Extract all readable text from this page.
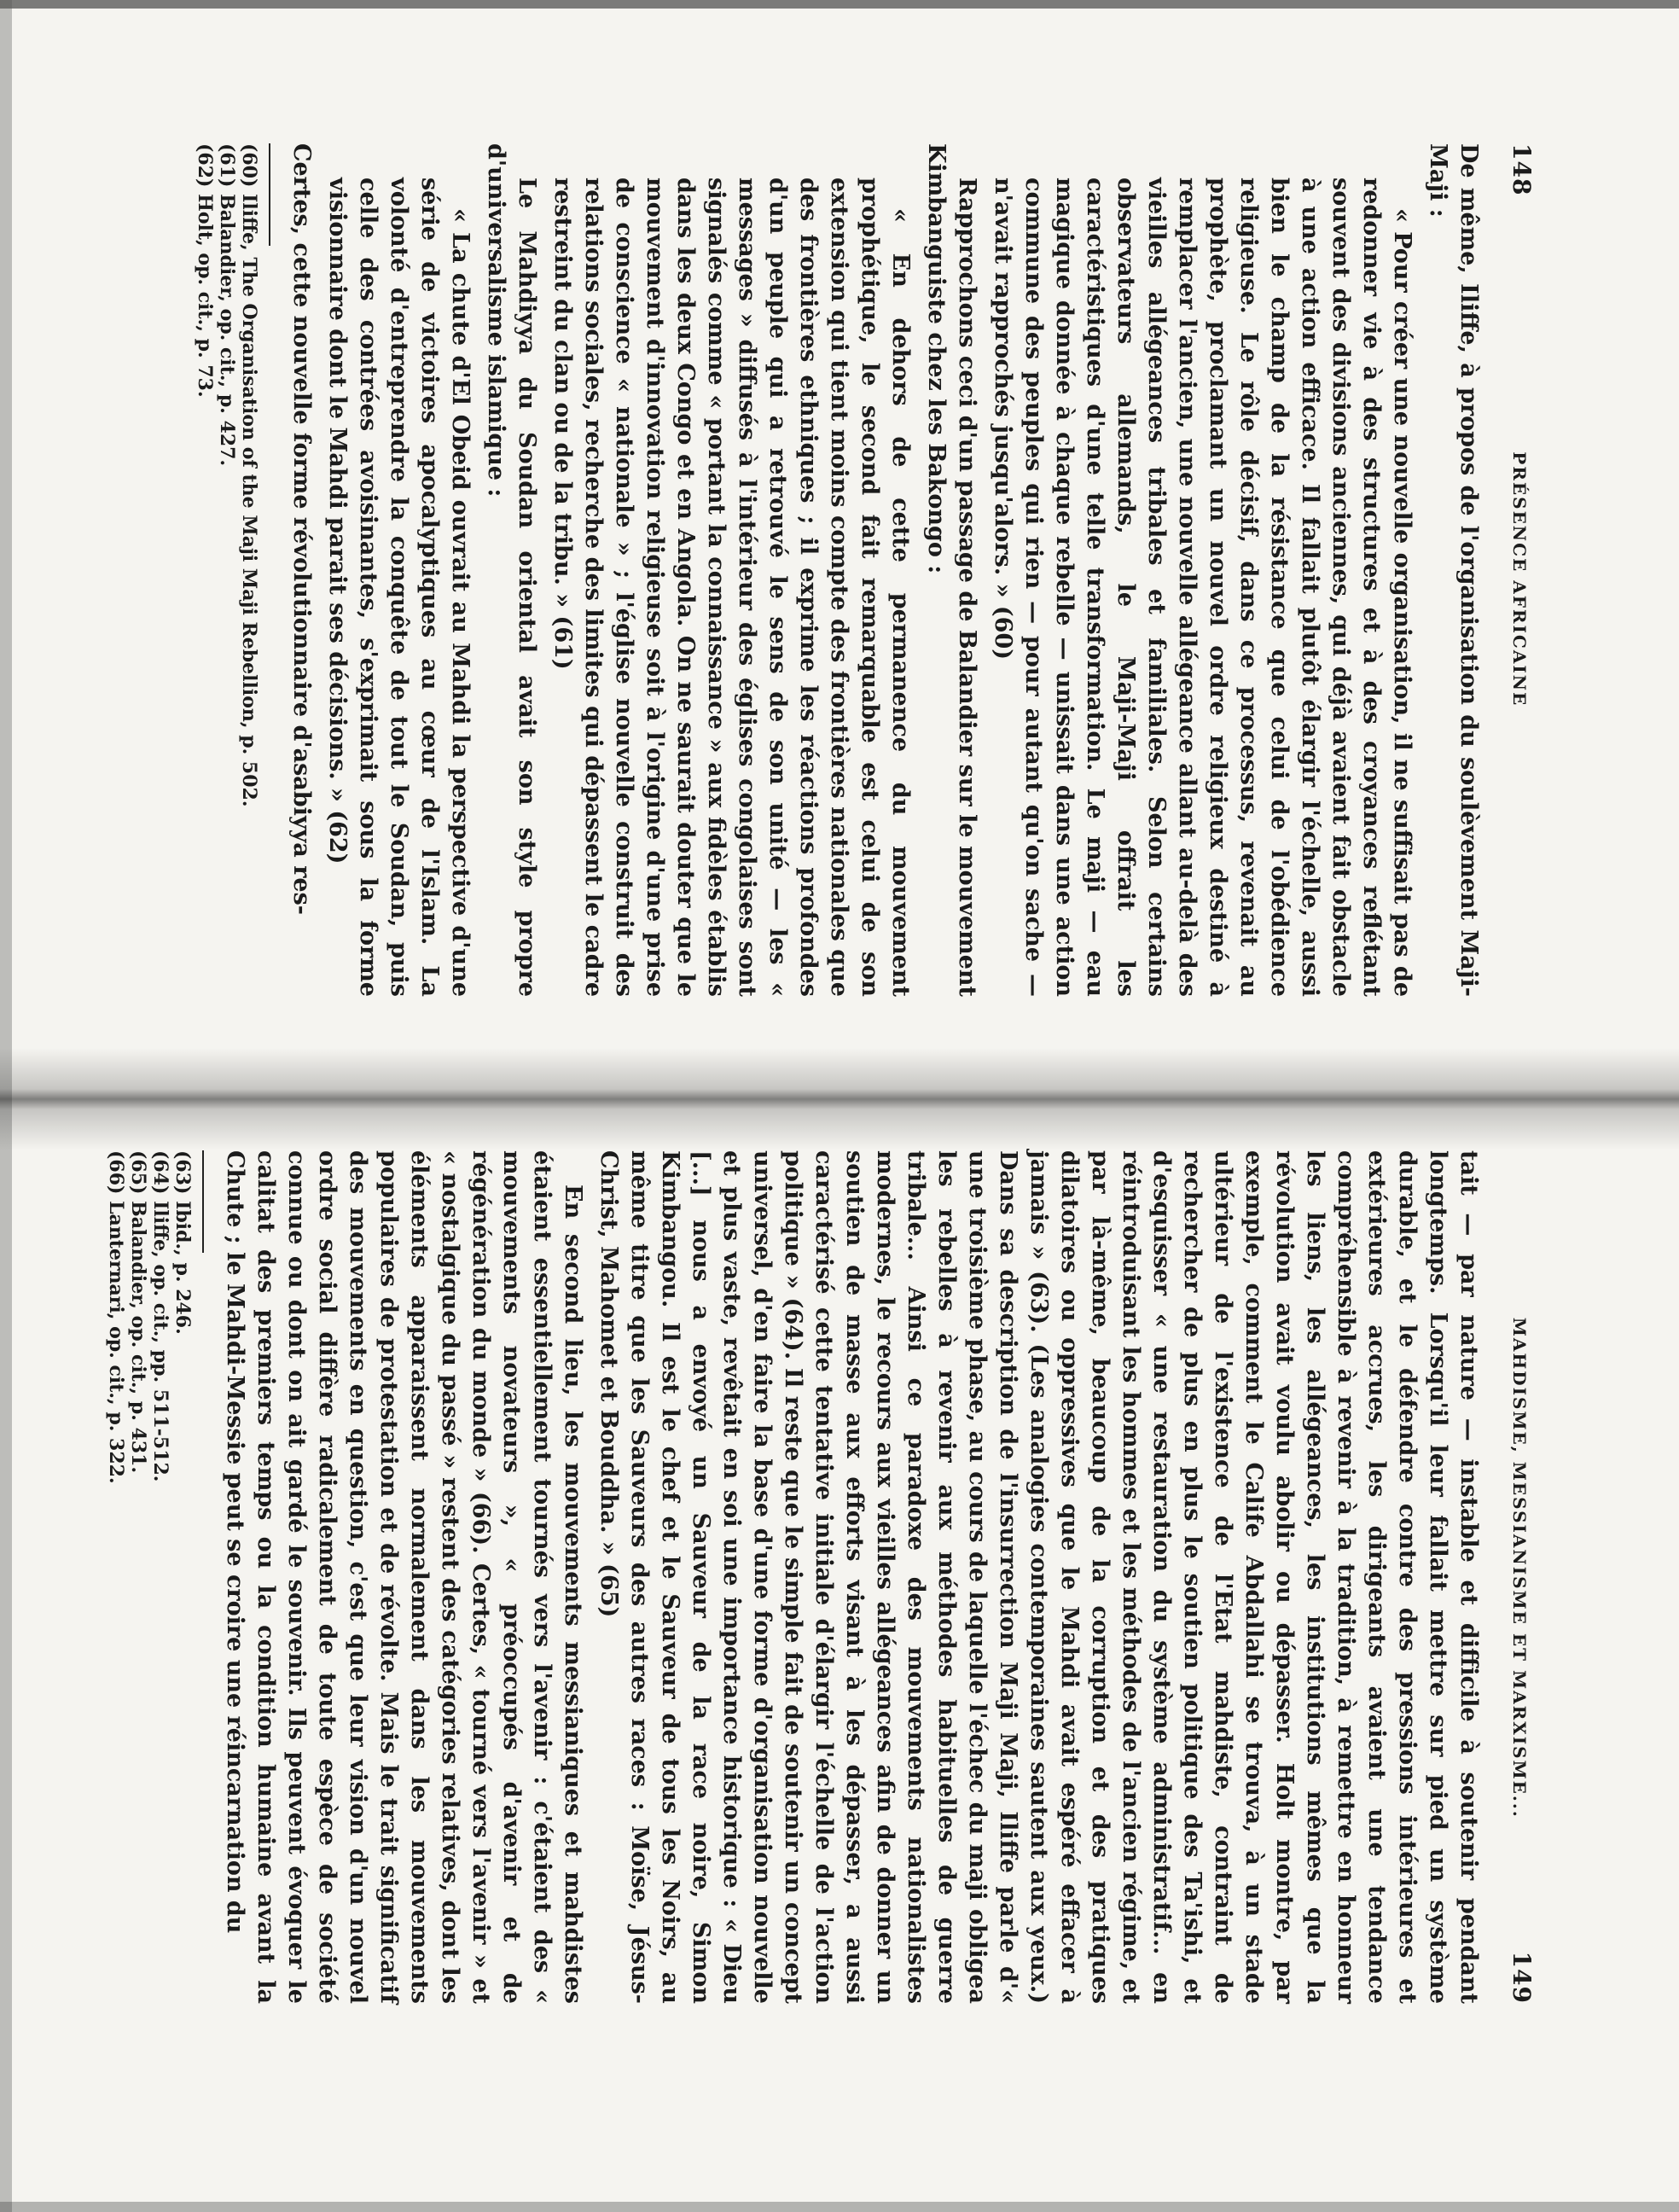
148
PRÉSENCE AFRICAINE

De même, Iliffe, à propos de l'organisation du soulèvement Maji-Maji :

« Pour créer une nouvelle organisation, il ne suffisait pas de redonner vie à des structures et à des croyances reflétant souvent des divisions anciennes, qui déjà avaient fait obstacle à une action efficace. Il fallait plutôt élargir l'échelle, aussi bien le champ de la résistance que celui de l'obédience religieuse. Le rôle décisif, dans ce processus, revenait au prophète, proclamant un nouvel ordre religieux destiné à remplacer l'ancien, une nouvelle allégeance allant au-delà des vieilles allégeances tribales et familiales. Selon certains observateurs allemands, le Maji-Maji offrait les caractéristiques d'une telle transformation. Le maji — eau magique donnée à chaque rebelle — unissait dans une action commune des peuples qui rien — pour autant qu'on sache — n'avait rapprochés jusqu'alors. » (60)

Rapprochons ceci d'un passage de Balandier sur le mouvement Kimbanguiste chez les Bakongo :

« En dehors de cette permanence du mouvement prophétique, le second fait remarquable est celui de son extension qui tient moins compte des frontières nationales que des frontières ethniques ; il exprime les réactions profondes d'un peuple qui a retrouvé le sens de son unité — les « messages » diffusés à l'intérieur des églises congolaises sont signalés comme « portant la connaissance » aux fidèles établis dans les deux Congo et en Angola. On ne saurait douter que le mouvement d'innovation religieuse soit à l'origine d'une prise de conscience « nationale » ; l'église nouvelle construit des relations sociales, recherche des limites qui dépassent le cadre restreint du clan ou de la tribu. » (61)

Le Mahdiyya du Soudan oriental avait son style propre d'universalisme islamique :

« La chute d'El Obeid ouvrait au Mahdi la perspective d'une série de victoires apocalyptiques au cœur de l'Islam. La volonté d'entreprendre la conquête de tout le Soudan, puis celle des contrées avoisinantes, s'exprimait sous la forme visionnaire dont le Mahdi parait ses décisions. » (62)

Certes, cette nouvelle forme révolutionnaire d'asabiyya res-

(60) Iliffe, The Organisation of the Maji Maji Rebellion, p. 502.
(61) Balandier, op. cit., p. 427.
(62) Holt, op. cit., p. 73.
MAHDISME, MESSIANISME ET MARXISME...
149

tait — par nature — instable et difficile à soutenir pendant longtemps. Lorsqu'il leur fallait mettre sur pied un système durable, et le défendre contre des pressions intérieures et extérieures accrues, les dirigeants avaient une tendance compréhensible à revenir à la tradition, à remettre en honneur les liens, les allégeances, les institutions mêmes que la révolution avait voulu abolir ou dépasser. Holt montre, par exemple, comment le Calife Abdallahi se trouva, à un stade ultérieur de l'existence de l'Etat mahdiste, contraint de rechercher de plus en plus le soutien politique des Ta'ishi, et d'esquisser « une restauration du système administratif... en réintroduisant les hommes et les méthodes de l'ancien régime, et par là-même, beaucoup de la corruption et des pratiques dilatoires ou oppressives que le Mahdi avait espéré effacer à jamais » (63). (Les analogies contemporaines sautent aux yeux.) Dans sa description de l'insurrection Maji Maji, Iliffe parle d'« une troisième phase, au cours de laquelle l'échec du maji obligea les rebelles à revenir aux méthodes habituelles de guerre tribale... Ainsi ce paradoxe des mouvements nationalistes modernes, le recours aux vieilles allégeances afin de donner un soutien de masse aux efforts visant à les dépasser, a aussi caractérisé cette tentative initiale d'élargir l'échelle de l'action politique » (64). Il reste que le simple fait de soutenir un concept universel, d'en faire la base d'une forme d'organisation nouvelle et plus vaste, revêtait en soi une importance historique : « Dieu [...] nous a envoyé un Sauveur de la race noire, Simon Kimbangou. Il est le chef et le Sauveur de tous les Noirs, au même titre que les Sauveurs des autres races : Moïse, Jésus-Christ, Mahomet et Bouddha. » (65)

En second lieu, les mouvements messianiques et mahdistes étaient essentiellement tournés vers l'avenir : c'étaient des « mouvements novateurs », « préoccupés d'avenir et de régénération du monde » (66). Certes, « tourné vers l'avenir » et « nostalgique du passé » restent des catégories relatives, dont les éléments apparaissent normalement dans les mouvements populaires de protestation et de révolte. Mais le trait significatif des mouvements en question, c'est que leur vision d'un nouvel ordre social diffère radicalement de toute espèce de société connue ou dont on ait gardé le souvenir. Ils peuvent évoquer le calitat des premiers temps ou la condition humaine avant la Chute ; le Mahdi-Messie peut se croire une réincarnation du

(63) Ibid., p. 246.
(64) Iliffe, op. cit., pp. 511-512.
(65) Balandier, op. cit., p. 431.
(66) Lanternari, op. cit., p. 322.
